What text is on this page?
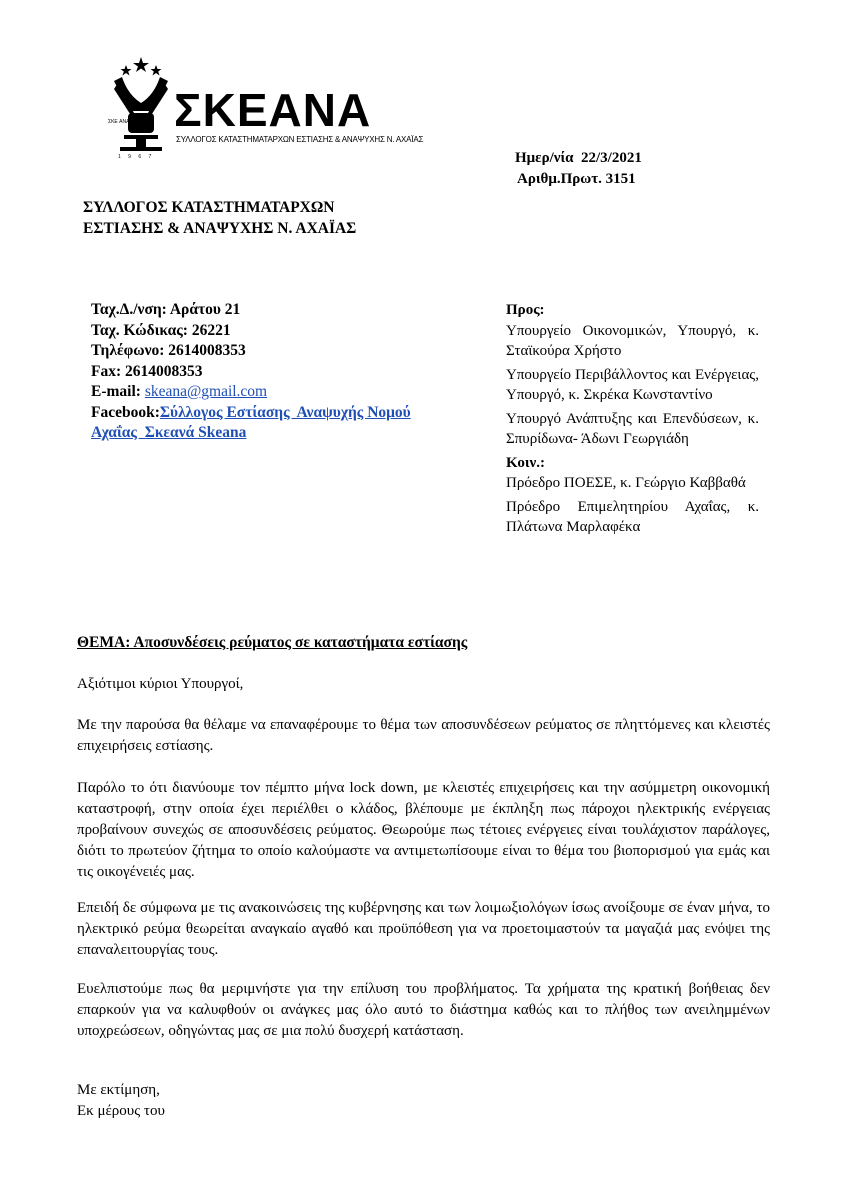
ΣΚΕ ANA
1 9 6 7
ΣΚΕΑΝΑ
ΣΥΛΛΟΓΟΣ ΚΑΤΑΣΤΗΜΑΤΑΡΧΩΝ ΕΣΤΙΑΣΗΣ & ΑΝΑΨΥΧΗΣ Ν. ΑΧΑΪΑΣ
Ημερ/νία  22/3/2021
Αριθμ.Πρωτ. 3151
ΣΥΛΛΟΓΟΣ ΚΑΤΑΣΤΗΜΑΤΑΡΧΩΝ
ΕΣΤΙΑΣΗΣ & ΑΝΑΨΥΧΗΣ Ν. ΑΧΑΪΑΣ
Ταχ.Δ./νση: Αράτου 21
Ταχ. Κώδικας: 26221
Τηλέφωνο: 2614008353
Fax: 2614008353
E-mail: skeana@gmail.com
Facebook:Σύλλογος Εστίασης  Αναψυχής Νομού
Αχαΐας  Σκεανά Skeana

Προς:

Υπουργείο Οικονομικών, Υπουργό, κ. Σταϊκούρα Χρήστο

Υπουργείο Περιβάλλοντος και Ενέργειας, Υπουργό, κ. Σκρέκα Κωνσταντίνο

Υπουργό Ανάπτυξης και Επενδύσεων, κ. Σπυρίδωνα- Άδωνι Γεωργιάδη

Κοιν.:

Πρόεδρο ΠΟΕΣΕ, κ. Γεώργιο Καββαθά

Πρόεδρο Επιμελητηρίου Αχαΐας, κ. Πλάτωνα Μαρλαφέκα

ΘΕΜΑ: Αποσυνδέσεις ρεύματος σε καταστήματα εστίασης

Αξιότιμοι κύριοι Υπουργοί,

Με την παρούσα θα θέλαμε να επαναφέρουμε το θέμα των αποσυνδέσεων ρεύματος σε πληττόμενες και κλειστές επιχειρήσεις εστίασης.

Παρόλο το ότι διανύουμε τον πέμπτο μήνα lock down, με κλειστές επιχειρήσεις και την ασύμμετρη οικονομική καταστροφή, στην οποία έχει περιέλθει ο κλάδος, βλέπουμε με έκπληξη πως πάροχοι ηλεκτρικής ενέργειας προβαίνουν συνεχώς σε αποσυνδέσεις ρεύματος. Θεωρούμε πως τέτοιες ενέργειες είναι τουλάχιστον παράλογες, διότι το πρωτεύον ζήτημα το οποίο καλούμαστε να αντιμετωπίσουμε είναι το θέμα του βιοπορισμού για εμάς και τις οικογένειές μας.

Επειδή δε σύμφωνα με τις ανακοινώσεις της κυβέρνησης και των λοιμωξιολόγων ίσως ανοίξουμε σε έναν μήνα, το ηλεκτρικό ρεύμα θεωρείται αναγκαίο αγαθό και προϋπόθεση για να προετοιμαστούν τα μαγαζιά μας ενόψει της επαναλειτουργίας τους.

Ευελπιστούμε πως θα μεριμνήστε για την επίλυση του προβλήματος. Τα χρήματα της κρατική βοήθειας δεν επαρκούν για να καλυφθούν οι ανάγκες μας όλο αυτό το διάστημα καθώς και το πλήθος των ανειλημμένων υποχρεώσεων, οδηγώντας μας σε μια πολύ δυσχερή κατάσταση.

Με εκτίμηση,

Εκ μέρους του
